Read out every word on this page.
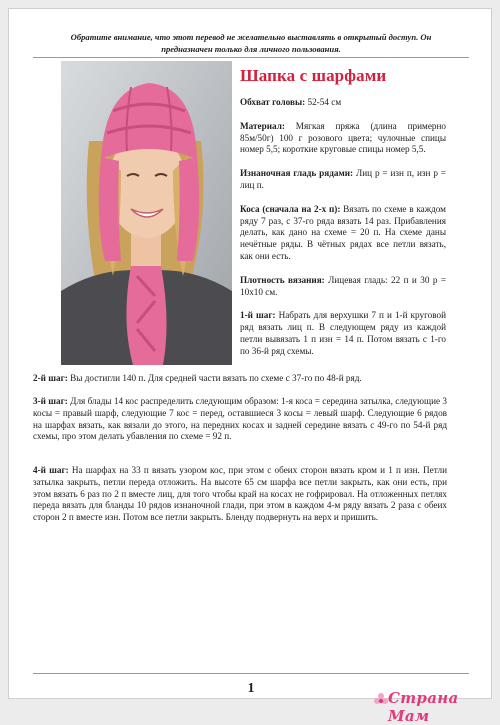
Обратите внимание, что этот перевод не желательно выставлять в открытый доступ. Он предназначен только для личного пользования.
Шапка с шарфами

Обхват головы: 52-54 см

Материал: Мягкая пряжа (длина примерно 85м/50г) 100 г розового цвета; чулочные спицы номер 5,5; короткие круговые спицы номер 5,5.

Изнаночная гладь рядами: Лиц р = изн п, изн р = лиц п.

Коса (сначала на 2-х п): Вязать по схеме в каждом ряду 7 раз, с 37-го ряда вязать 14 раз. Прибавления делать, как дано на схеме = 20 п. На схеме даны нечётные ряды. В чётных рядах все петли вязать, как они есть.

Плотность вязания: Лицевая гладь: 22 п и 30 р = 10х10 см.

1-й шаг: Набрать для верхушки 7 п и 1-й круговой ряд вязать лиц п. В следующем ряду из каждой петли вывязать 1 п изн = 14 п. Потом вязать с 1-го по 36-й ряд схемы.

2-й шаг: Вы достигли 140 п. Для средней части вязать по схеме с 37-го по 48-й ряд.

3-й шаг: Для блады 14 кос распределить следующим образом: 1-я коса = середина затылка, следующие 3 косы = правый шарф, следующие 7 кос = перед, оставшиеся 3 косы = левый шарф. Следующие 6 рядов на шарфах вязать, как вязали до этого, на передних косах и задней середине вязать с 49-го по 54-й ряд схемы, про этом делать убавления по схеме = 92 п.

4-й шаг: На шарфах на 33 п вязать узором кос, при этом с обеих сторон вязать кром и 1 п изн. Петли затылка закрыть, петли переда отложить. На высоте 65 см шарфа все петли закрыть, как они есть, при этом вязать 6 раз по 2 п вместе лиц, для того чтобы край на косах не гофрировал. На отложенных петлях переда вязать для бланды 10 рядов изнаночной глади, при этом в каждом 4-м ряду вязать 2 раза с обеих сторон 2 п вместе изн. Потом все петли закрыть. Бленду подвернуть на верх и пришить.

1
Страна Мам
